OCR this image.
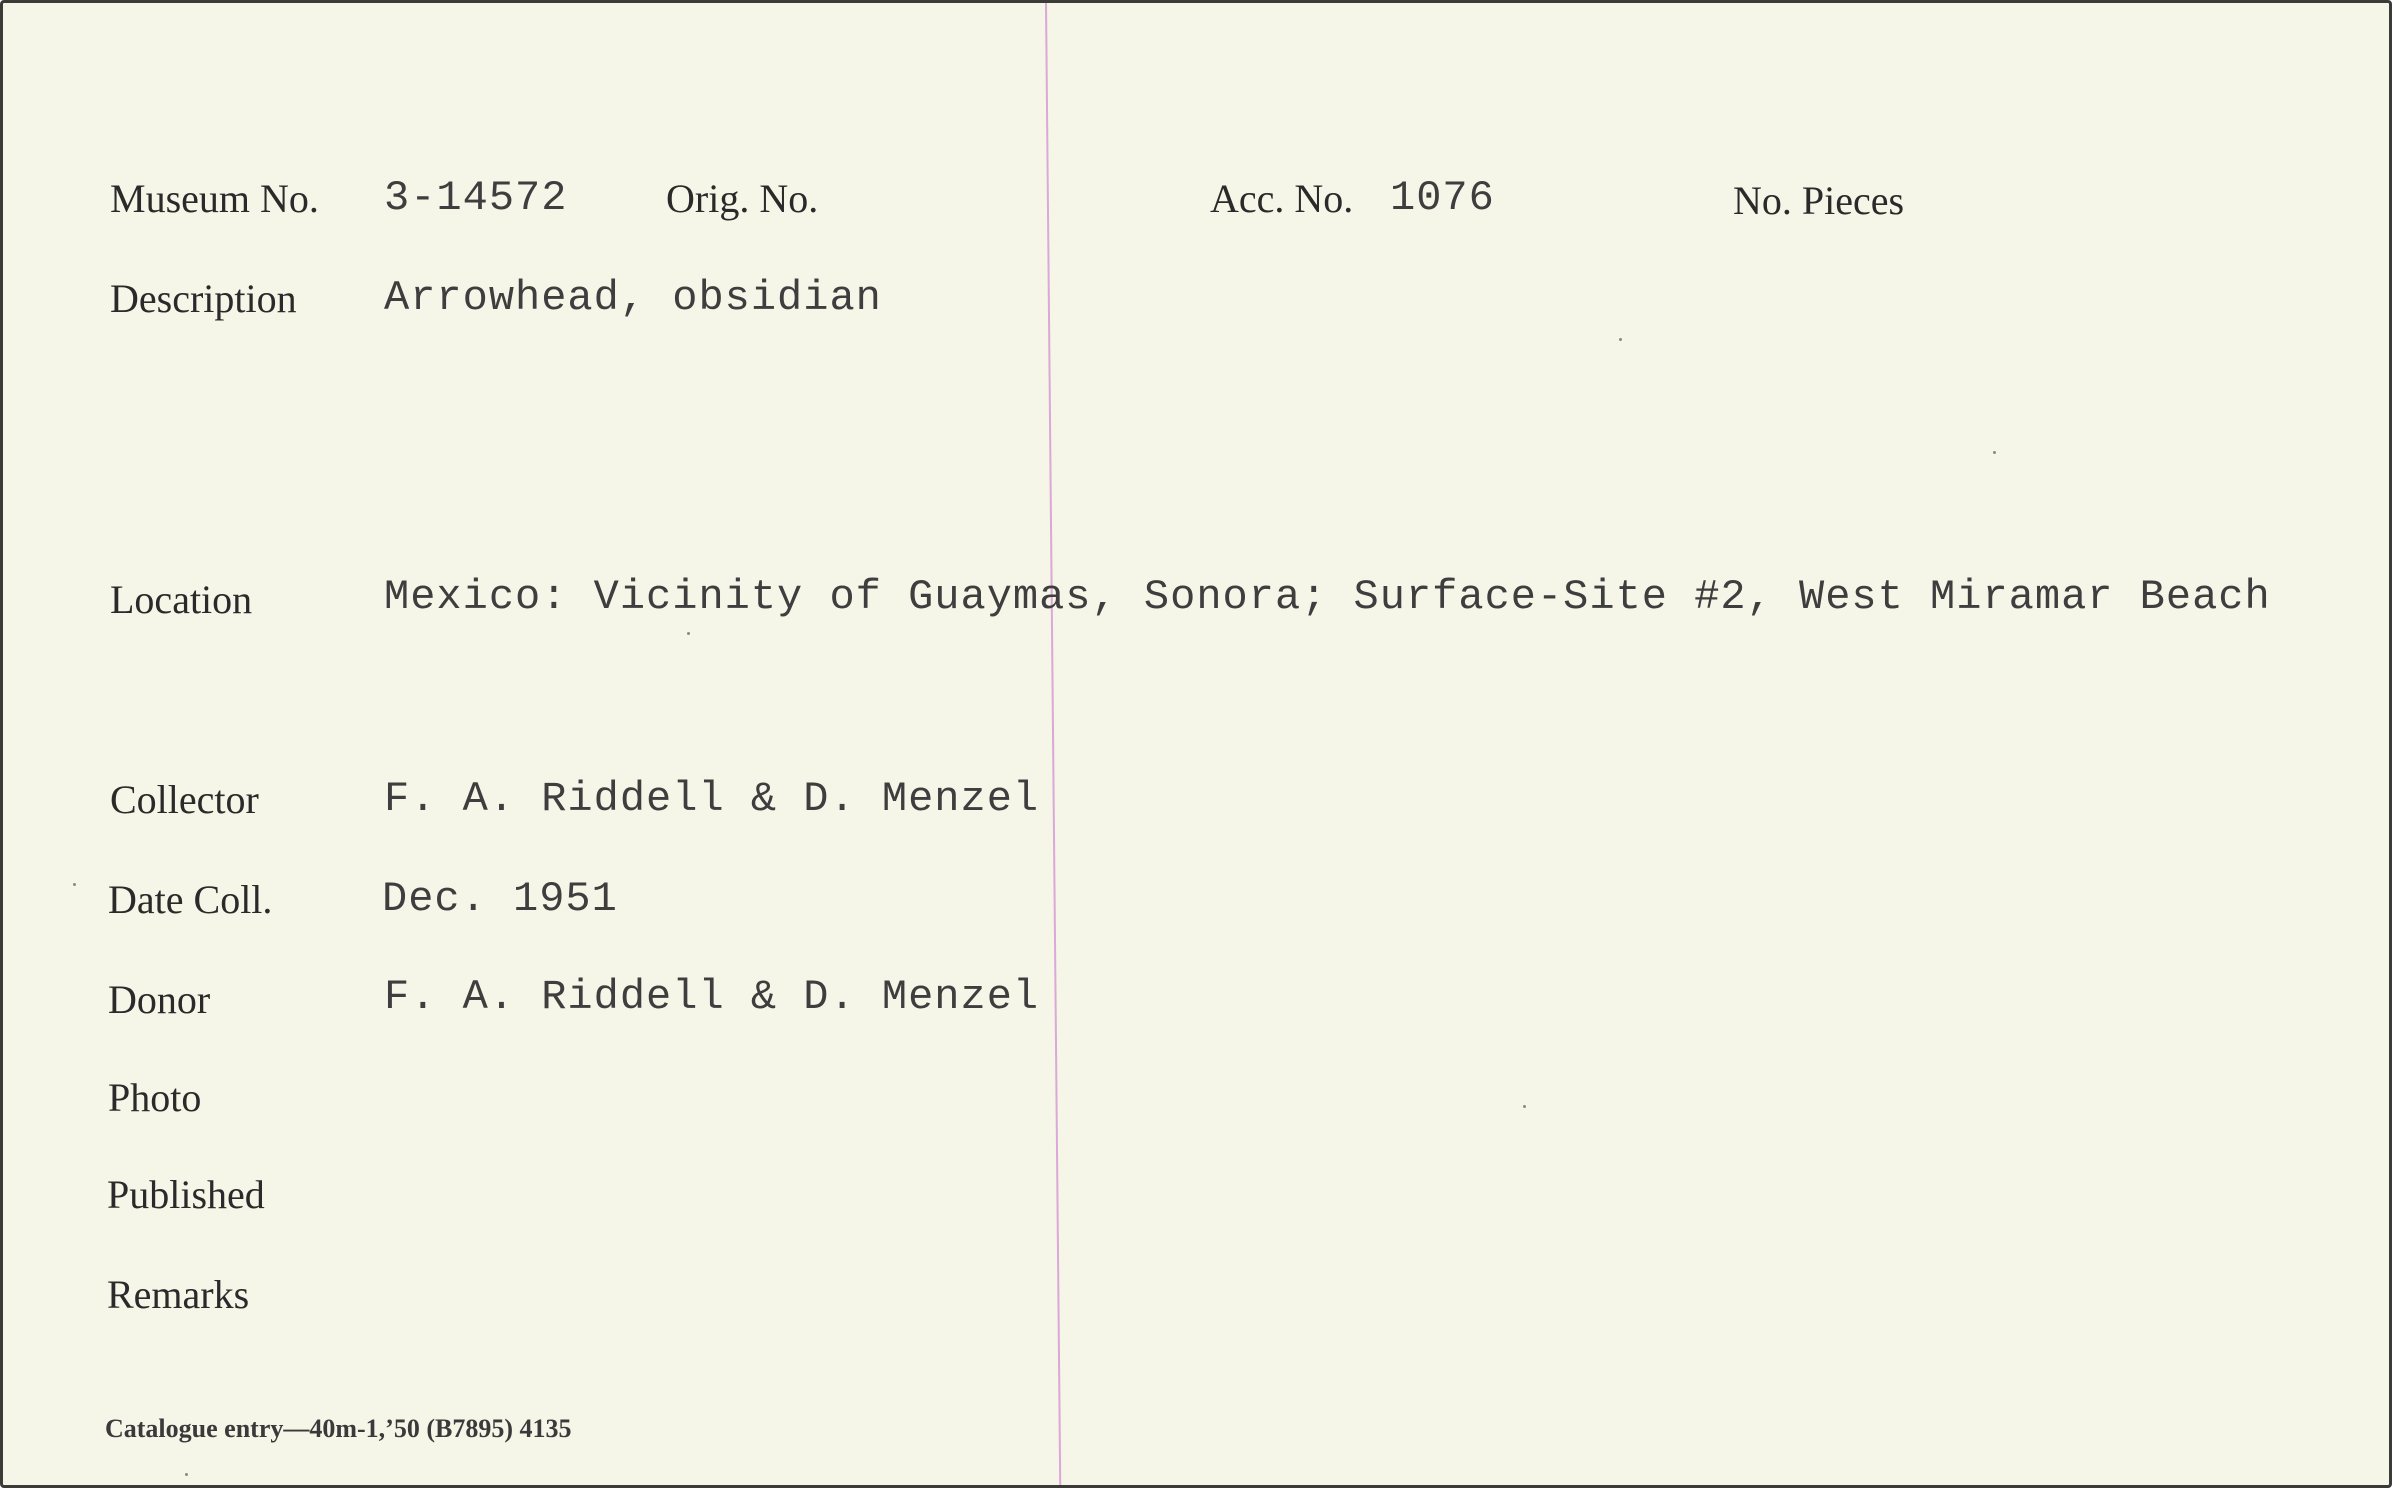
Museum No. 3-14572 Orig. No.	Acc. No. 1076	No. Pieces
Description Arrowhead, obsidian
Location	Mexico: Vicinity of Guaymas, Sonora; Surface-Site #2, West Miramar Beach
Collector	F. A. Riddell & D. Menzel
Date Coll.	Dec. 1951
Donor	F. A. Riddell & D. Menzel
Photo
Published
Remarks
Catalogue entry—40m-1,’50 (B7895) 4135
